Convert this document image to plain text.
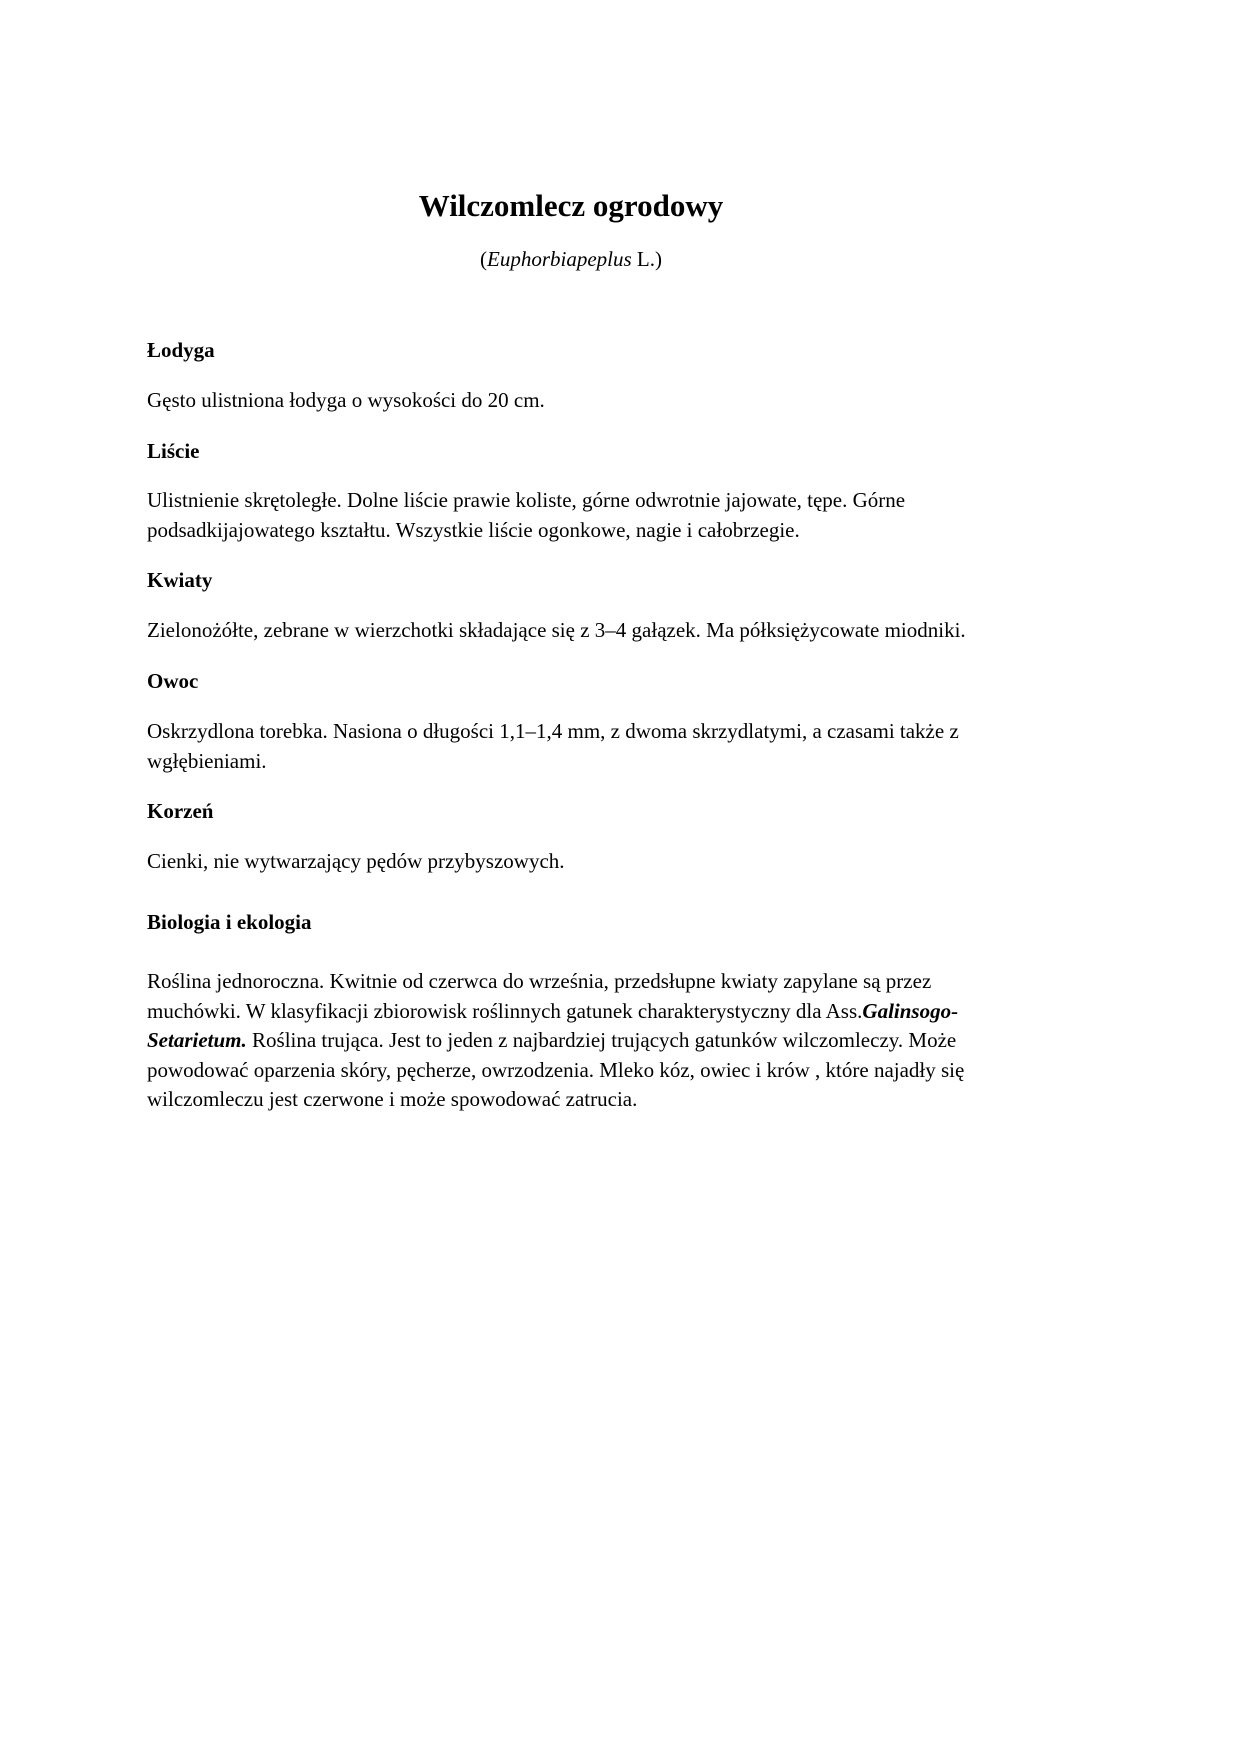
Wilczomlecz ogrodowy

(Euphorbiapeplus L.)

Łodyga
Gęsto ulistniona łodyga o wysokości do 20 cm.
Liście
Ulistnienie skrętoległe. Dolne liście prawie koliste, górne odwrotnie jajowate, tępe. Górne
podsadkijajowatego kształtu. Wszystkie liście ogonkowe, nagie i całobrzegie.
Kwiaty
Zielonożółte, zebrane w wierzchotki składające się z 3–4 gałązek. Ma półksiężycowate miodniki.
Owoc
Oskrzydlona torebka. Nasiona o długości 1,1–1,4 mm, z dwoma skrzydlatymi, a czasami także z
wgłębieniami.
Korzeń
Cienki, nie wytwarzający pędów przybyszowych.
Biologia i ekologia
Roślina jednoroczna. Kwitnie od czerwca do września, przedsłupne kwiaty zapylane są przez
muchówki. W klasyfikacji zbiorowisk roślinnych gatunek charakterystyczny dla Ass.Galinsogo-
Setarietum. Roślina trująca. Jest to jeden z najbardziej trujących gatunków wilczomleczy. Może
powodować oparzenia skóry, pęcherze, owrzodzenia. Mleko kóz, owiec i krów , które najadły się
wilczomleczu jest czerwone i może spowodować zatrucia.
